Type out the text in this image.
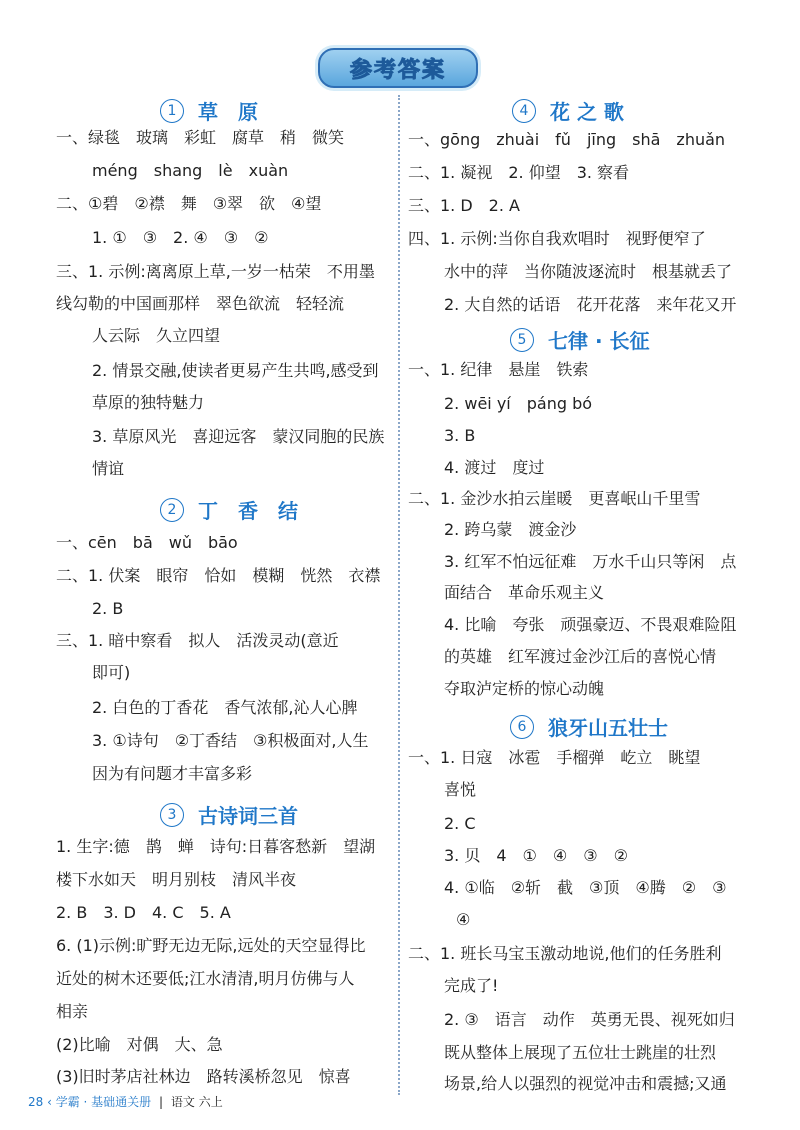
参考答案
1	草　原
一、绿毯　玻璃　彩虹　腐草　稍　微笑
méng　shang　lè　xuàn
二、①碧　②襟　舞　③翠　欲　④望
1. ①　③　2. ④　③　②
三、1. 示例:离离原上草,一岁一枯荣　不用墨
线勾勒的中国画那样　翠色欲流　轻轻流
人云际　久立四望
2. 情景交融,使读者更易产生共鸣,感受到
草原的独特魅力
3. 草原风光　喜迎远客　蒙汉同胞的民族
情谊
2	丁　香　结
一、cēn　bā　wǔ　bāo
二、1. 伏案　眼帘　恰如　模糊　恍然　衣襟
2. B
三、1. 暗中察看　拟人　活泼灵动(意近
即可)
2. 白色的丁香花　香气浓郁,沁人心脾
3. ①诗句　②丁香结　③积极面对,人生
因为有问题才丰富多彩
3	古诗词三首
1. 生字:德　鹊　蝉　诗句:日暮客愁新　望湖
楼下水如天　明月别枝　清风半夜
2. B　3. D　4. C　5. A
6. (1)示例:旷野无边无际,远处的天空显得比
近处的树木还要低;江水清清,明月仿佛与人
相亲
(2)比喻　对偶　大、急
(3)旧时茅店社林边　路转溪桥忽见　惊喜
4	花 之 歌
一、gōng　zhuài　fǔ　jīng　shā　zhuǎn
二、1. 凝视　2. 仰望　3. 察看
三、1. D　2. A
四、1. 示例:当你自我欢唱时　视野便窄了
水中的萍　当你随波逐流时　根基就丢了
2. 大自然的话语　花开花落　来年花又开
5	七律 · 长征
一、1. 纪律　悬崖　铁索
2. wēi yí　páng bó
3. B
4. 渡过　度过
二、1. 金沙水拍云崖暖　更喜岷山千里雪
2. 跨乌蒙　渡金沙
3. 红军不怕远征难　万水千山只等闲　点
面结合　革命乐观主义
4. 比喻　夸张　顽强豪迈、不畏艰难险阻
的英雄　红军渡过金沙江后的喜悦心情
夺取泸定桥的惊心动魄
6	狼牙山五壮士
一、1. 日寇　冰雹　手榴弹　屹立　眺望
喜悦
2. C
3. 贝　4　①　④　③　②
4. ①临　②斩　截　③顶　④腾　②　③
④
二、1. 班长马宝玉激动地说,他们的任务胜利
完成了!
2. ③　语言　动作　英勇无畏、视死如归
既从整体上展现了五位壮士跳崖的壮烈
场景,给人以强烈的视觉冲击和震撼;又通
28 ‹ 学霸 · 基础通关册 | 语文 六上
